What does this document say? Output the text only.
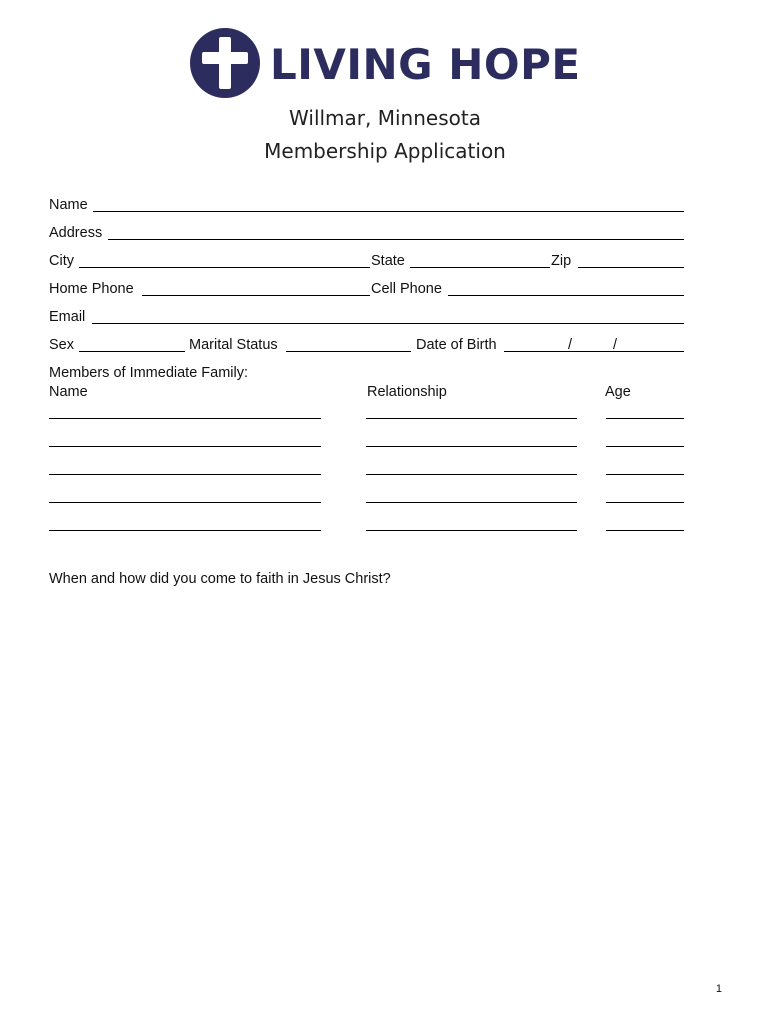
LIVING HOPE
Willmar, Minnesota
Membership Application
Name
Address
City	State	Zip
Home Phone	Cell Phone
Email
Sex	Marital Status	Date of Birth	/	/
Members of Immediate Family:
Name	Relationship	Age
When and how did you come to faith in Jesus Christ?
1
